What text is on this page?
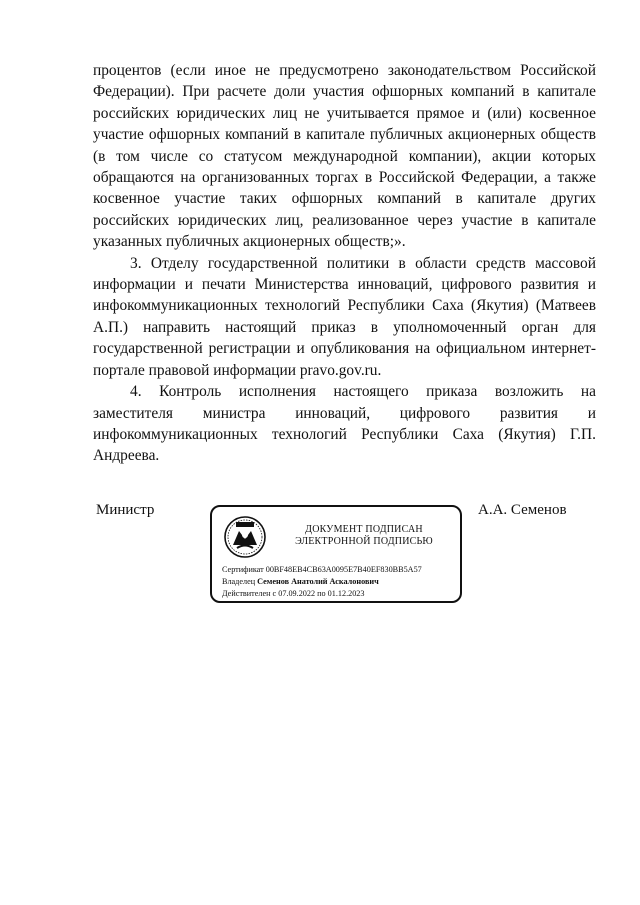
процентов (если иное не предусмотрено законодательством Российской Федерации). При расчете доли участия офшорных компаний в капитале российских юридических лиц не учитывается прямое и (или) косвенное участие офшорных компаний в капитале публичных акционерных обществ (в том числе со статусом международной компании), акции которых обращаются на организованных торгах в Российской Федерации, а также косвенное участие таких офшорных компаний в капитале других российских юридических лиц, реализованное через участие в капитале указанных публичных акционерных обществ;».

3. Отделу государственной политики в области средств массовой информации и печати Министерства инноваций, цифрового развития и инфокоммуникационных технологий Республики Саха (Якутия) (Матвеев А.П.) направить настоящий приказ в уполномоченный орган для государственной регистрации и опубликования на официальном интернет-портале правовой информации pravo.gov.ru.

4. Контроль исполнения настоящего приказа возложить на заместителя министра инноваций, цифрового развития и инфокоммуникационных технологий Республики Саха (Якутия) Г.П. Андреева.

Министр	А.А. Семенов
ДОКУМЕНТ ПОДПИСАН
ЭЛЕКТРОННОЙ ПОДПИСЬЮ
Сертификат 00BF48EB4CB63A0095E7B40EF830BB5A57
Владелец Семенов Анатолий Аскалонович
Действителен с 07.09.2022 по 01.12.2023
